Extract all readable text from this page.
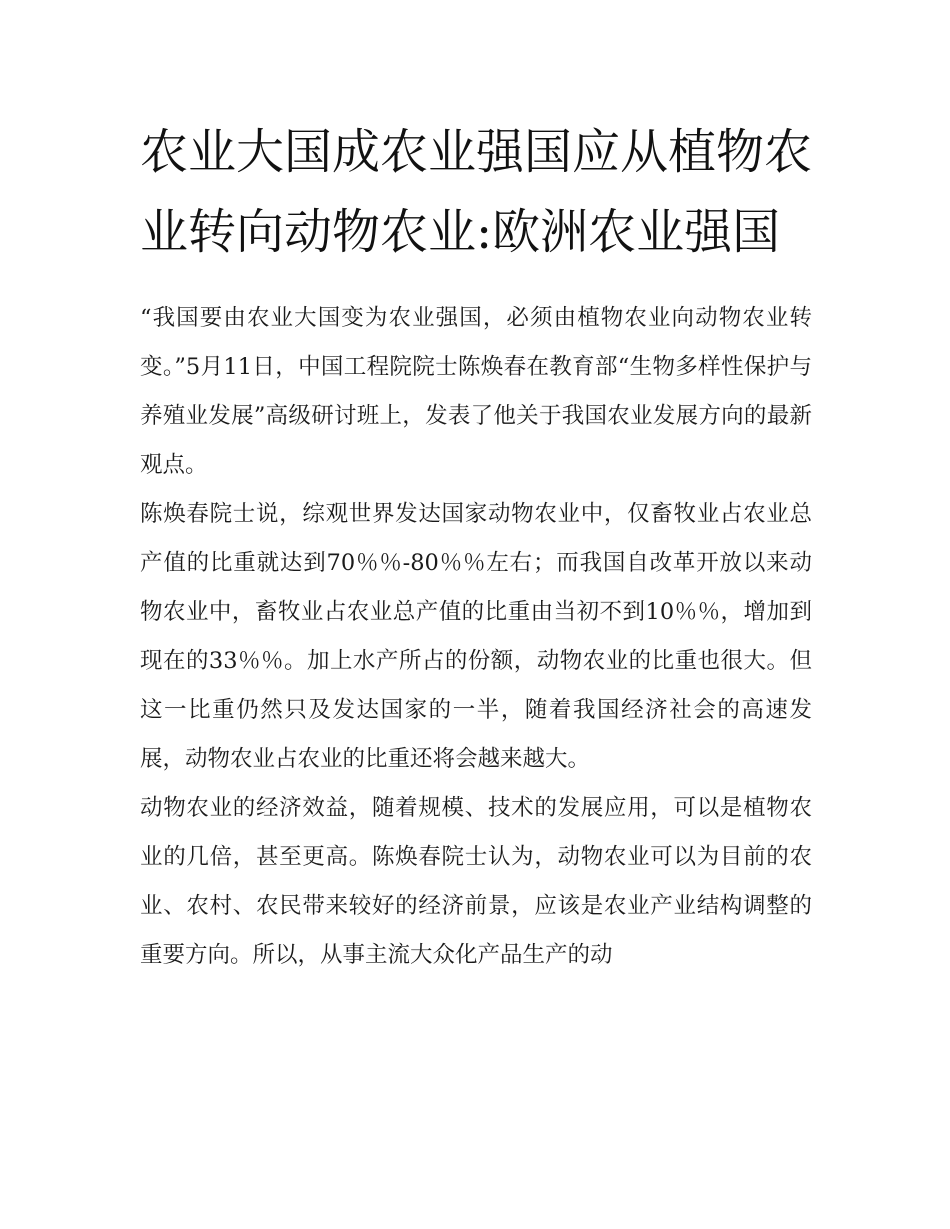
农业大国成农业强国应从植物农业转向动物农业:欧洲农业强国

“我国要由农业大国变为农业强国，必须由植物农业向动物农业转变。”5月11日，中国工程院院士陈焕春在教育部“生物多样性保护与养殖业发展”高级研讨班上，发表了他关于我国农业发展方向的最新观点。

陈焕春院士说，综观世界发达国家动物农业中，仅畜牧业占农业总产值的比重就达到70％％-80％％左右；而我国自改革开放以来动物农业中，畜牧业占农业总产值的比重由当初不到10％％，增加到现在的33％％。加上水产所占的份额，动物农业的比重也很大。但这一比重仍然只及发达国家的一半，随着我国经济社会的高速发展，动物农业占农业的比重还将会越来越大。

动物农业的经济效益，随着规模、技术的发展应用，可以是植物农业的几倍，甚至更高。陈焕春院士认为，动物农业可以为目前的农业、农村、农民带来较好的经济前景，应该是农业产业结构调整的重要方向。所以，从事主流大众化产品生产的动
